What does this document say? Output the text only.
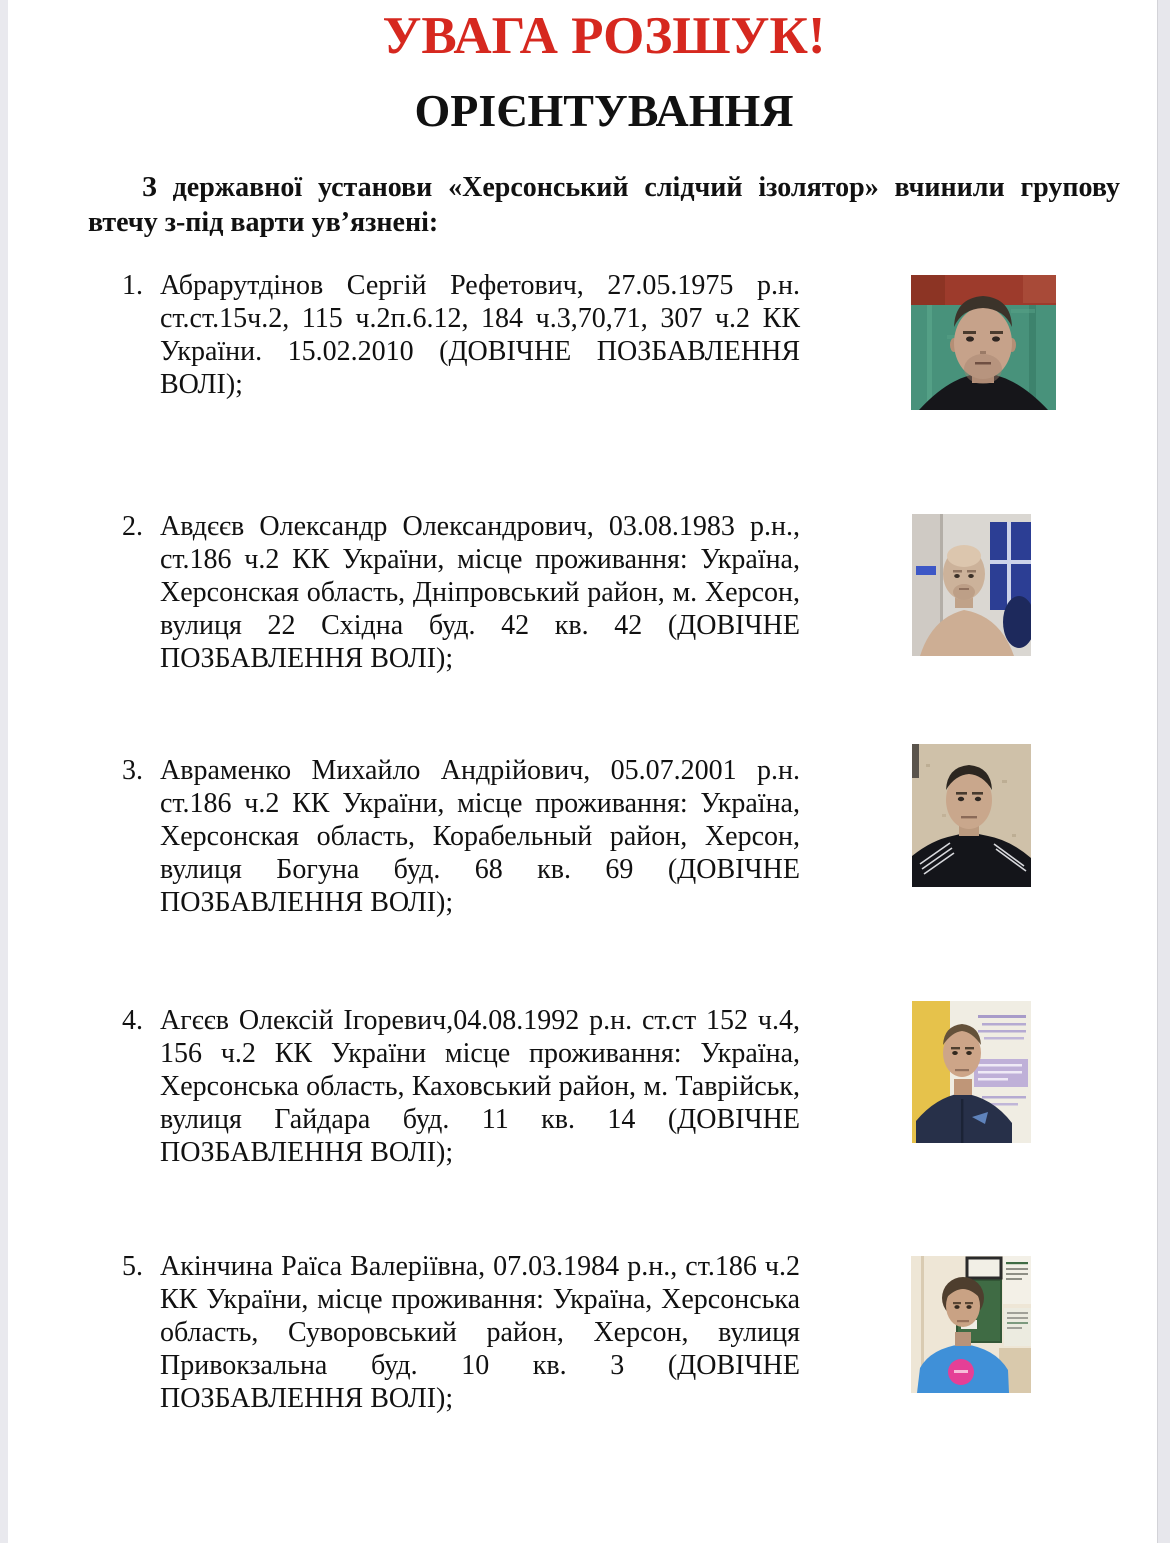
УВАГА РОЗШУК!
ОРІЄНТУВАННЯ

З державної установи «Херсонський слідчий ізолятор» вчинили групову втечу з-під варти ув’язнені:

1. Абрарутдінов Сергій Рефетович, 27.05.1975 р.н. ст.ст.15ч.2, 115 ч.2п.6.12, 184 ч.3,70,71, 307 ч.2 КК України. 15.02.2010 (ДОВІЧНЕ ПОЗБАВЛЕННЯ ВОЛІ);

2. Авдєєв Олександр Олександрович, 03.08.1983 р.н., ст.186 ч.2 КК України, місце проживання: Україна, Херсонская область, Дніпровський район, м. Херсон, вулиця 22 Східна буд. 42 кв. 42 (ДОВІЧНЕ ПОЗБАВЛЕННЯ ВОЛІ);

3. Авраменко Михайло Андрійович, 05.07.2001 р.н. ст.186 ч.2 КК України, місце проживання: Україна, Херсонская область, Корабельный район, Херсон, вулиця Богуна буд. 68 кв. 69 (ДОВІЧНЕ ПОЗБАВЛЕННЯ ВОЛІ);

4. Агєєв Олексій Ігоревич,04.08.1992 р.н. ст.ст 152 ч.4, 156 ч.2 КК України місце проживання: Україна, Херсонська область, Каховський район, м. Таврійськ, вулиця Гайдара буд. 11 кв. 14 (ДОВІЧНЕ ПОЗБАВЛЕННЯ ВОЛІ);

5. Акінчина Раїса Валеріївна, 07.03.1984 р.н., ст.186 ч.2 КК України, місце проживання: Україна, Херсонська область, Суворовський район, Херсон, вулиця Привокзальна буд. 10 кв. 3 (ДОВІЧНЕ ПОЗБАВЛЕННЯ ВОЛІ);
